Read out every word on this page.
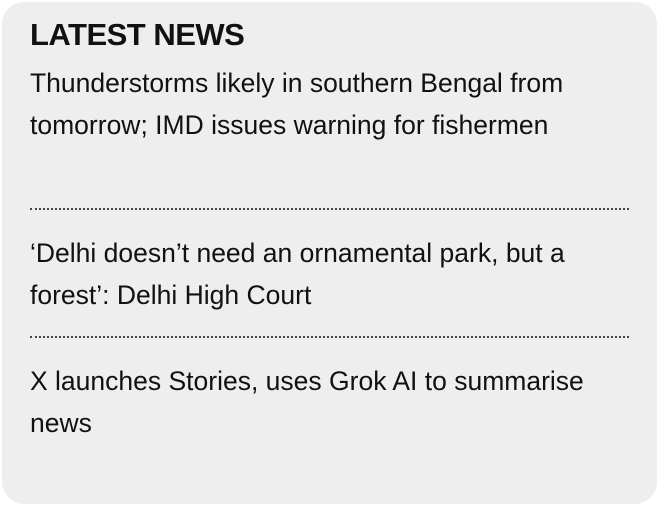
LATEST NEWS
Thunderstorms likely in southern Bengal from tomorrow; IMD issues warning for fishermen
‘Delhi doesn’t need an ornamental park, but a forest’: Delhi High Court
X launches Stories, uses Grok AI to summarise news
